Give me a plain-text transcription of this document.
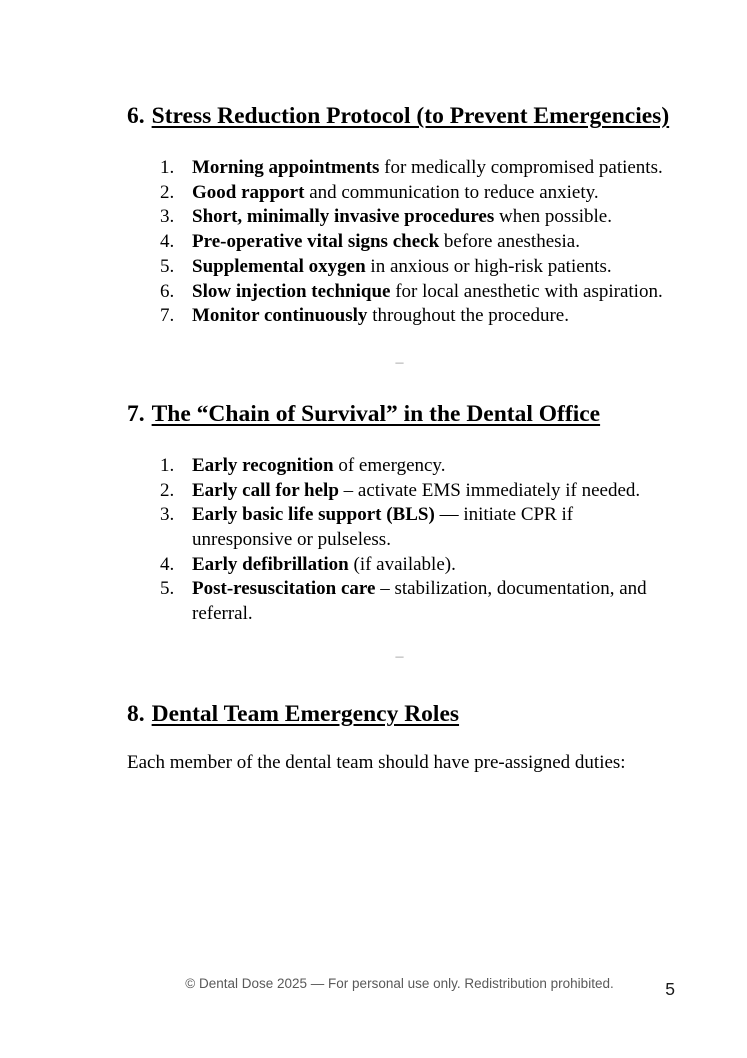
6. Stress Reduction Protocol (to Prevent Emergencies)
1. Morning appointments for medically compromised patients.
2. Good rapport and communication to reduce anxiety.
3. Short, minimally invasive procedures when possible.
4. Pre-operative vital signs check before anesthesia.
5. Supplemental oxygen in anxious or high-risk patients.
6. Slow injection technique for local anesthetic with aspiration.
7. Monitor continuously throughout the procedure.
–
7. The “Chain of Survival” in the Dental Office
1. Early recognition of emergency.
2. Early call for help – activate EMS immediately if needed.
3. Early basic life support (BLS) — initiate CPR if unresponsive or pulseless.
4. Early defibrillation (if available).
5. Post-resuscitation care – stabilization, documentation, and referral.
–
8. Dental Team Emergency Roles

Each member of the dental team should have pre-assigned duties:

© Dental Dose 2025 — For personal use only. Redistribution prohibited.	5
